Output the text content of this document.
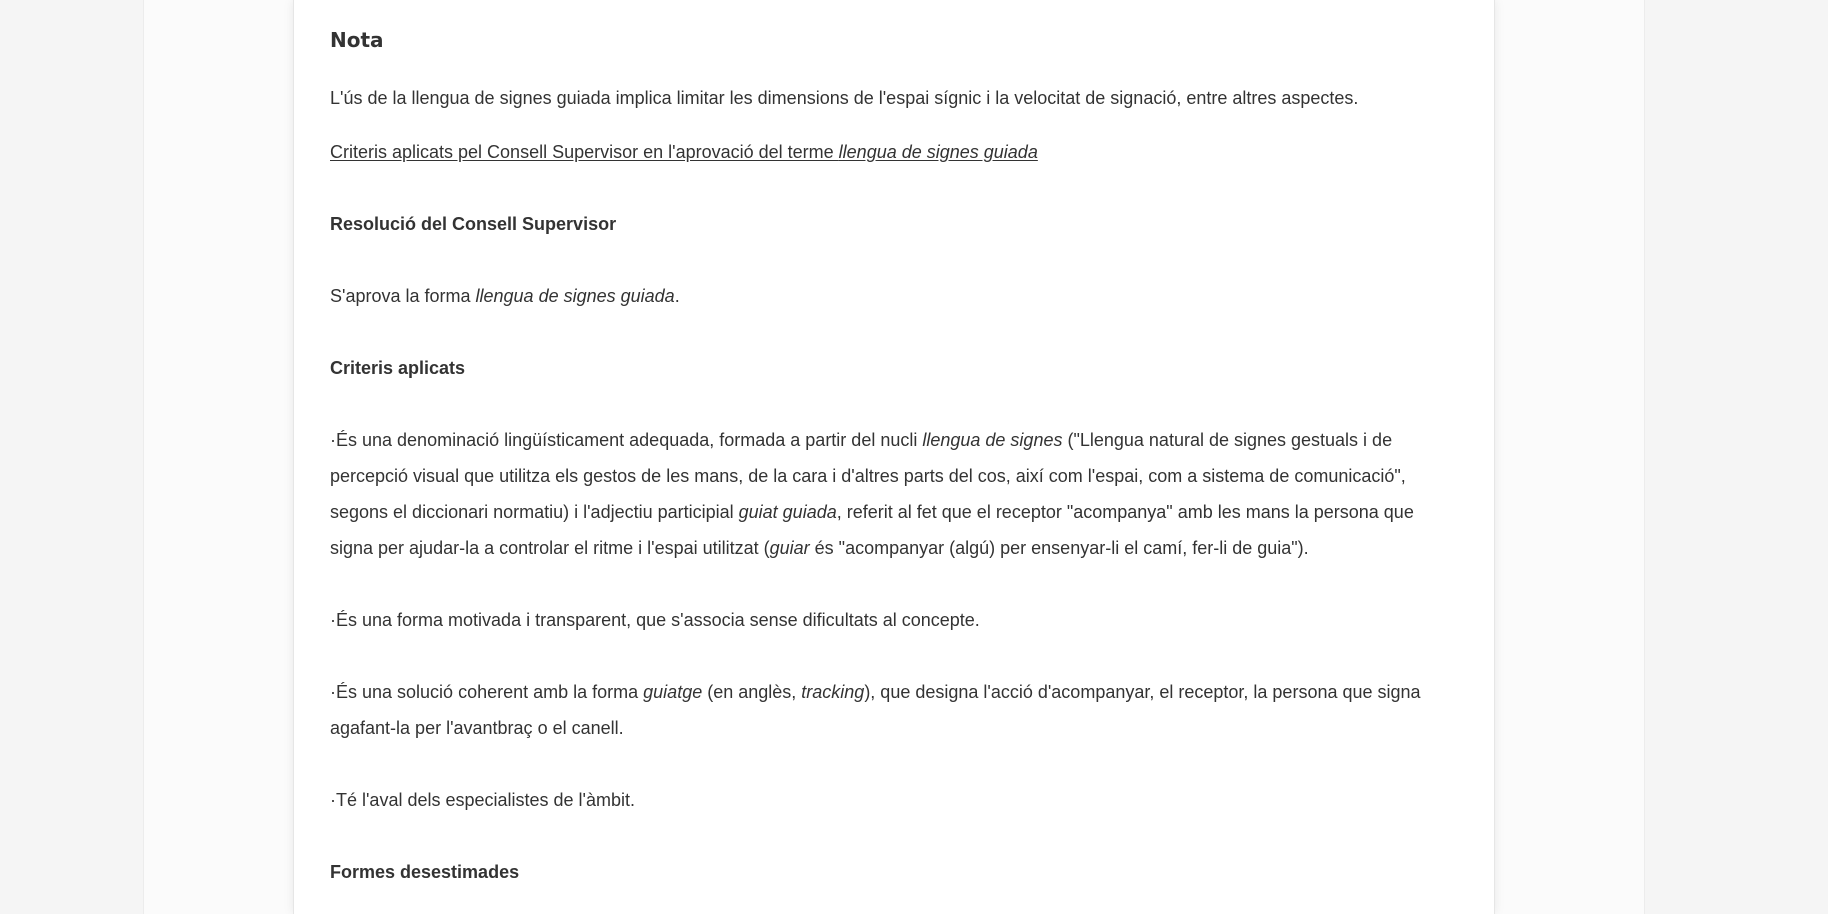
Nota

L'ús de la llengua de signes guiada implica limitar les dimensions de l'espai sígnic i la velocitat de signació, entre altres aspectes.

Criteris aplicats pel Consell Supervisor en l'aprovació del terme llengua de signes guiada

Resolució del Consell Supervisor

S'aprova la forma llengua de signes guiada.

Criteris aplicats

·És una denominació lingüísticament adequada, formada a partir del nucli llengua de signes ("Llengua natural de signes gestuals i de percepció visual que utilitza els gestos de les mans, de la cara i d'altres parts del cos, així com l'espai, com a sistema de comunicació", segons el diccionari normatiu) i l'adjectiu participial guiat guiada, referit al fet que el receptor "acompanya" amb les mans la persona que signa per ajudar-la a controlar el ritme i l'espai utilitzat (guiar és "acompanyar (algú) per ensenyar-li el camí, fer-li de guia").

·És una forma motivada i transparent, que s'associa sense dificultats al concepte.

·És una solució coherent amb la forma guiatge (en anglès, tracking), que designa l'acció d'acompanyar, el receptor, la persona que signa agafant-la per l'avantbraç o el canell.

·Té l'aval dels especialistes de l'àmbit.

Formes desestimades
